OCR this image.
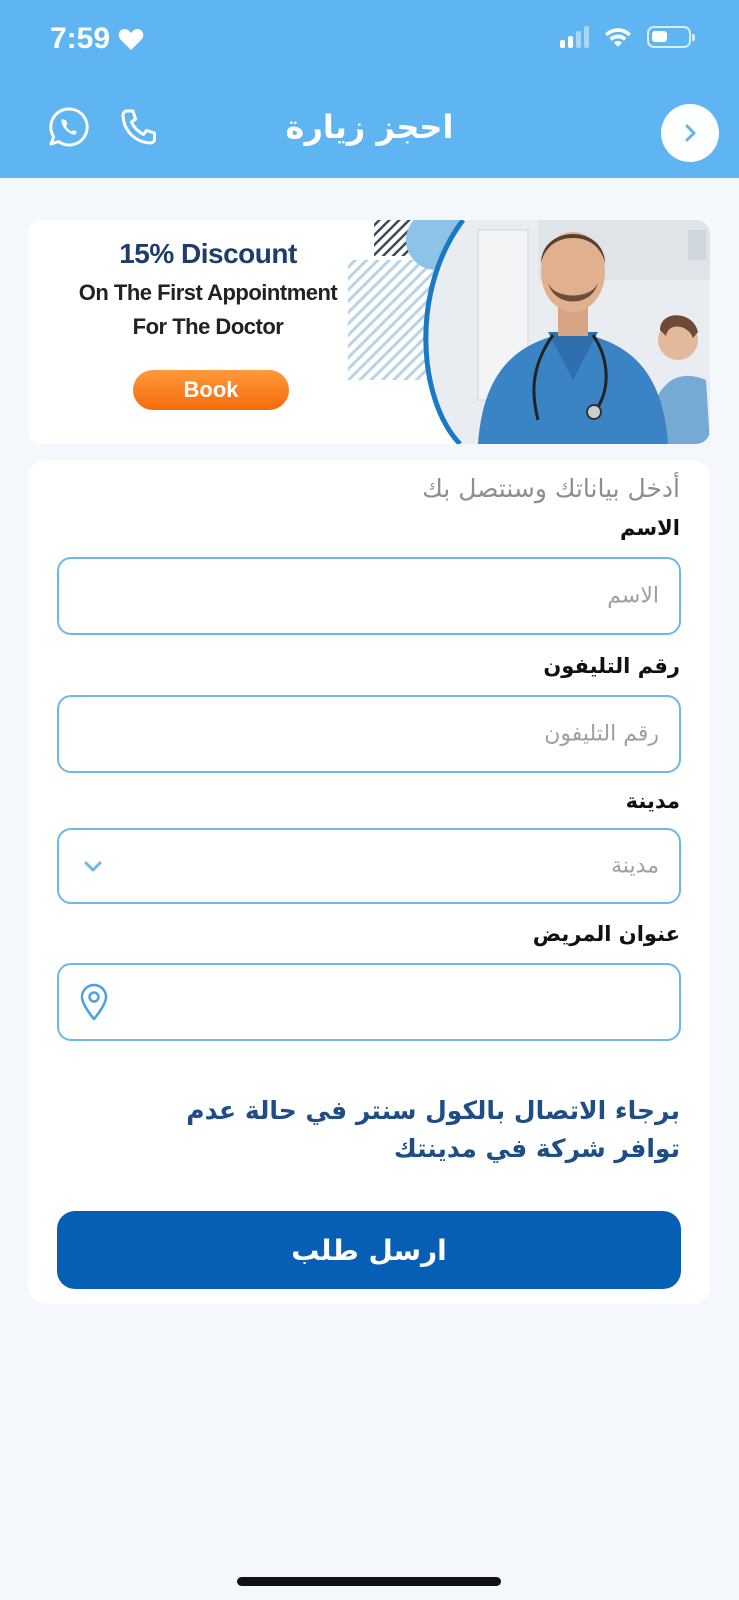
7:59
احجز زيارة
15% Discount
On The First Appointment
For The Doctor
Book
أدخل بياناتك وسنتصل بك
الاسم
الاسم
رقم التليفون
رقم التليفون
مدينة
مدينة
عنوان المريض
برجاء الاتصال بالكول سنتر في حالة عدم توافر شركة في مدينتك
ارسل طلب
